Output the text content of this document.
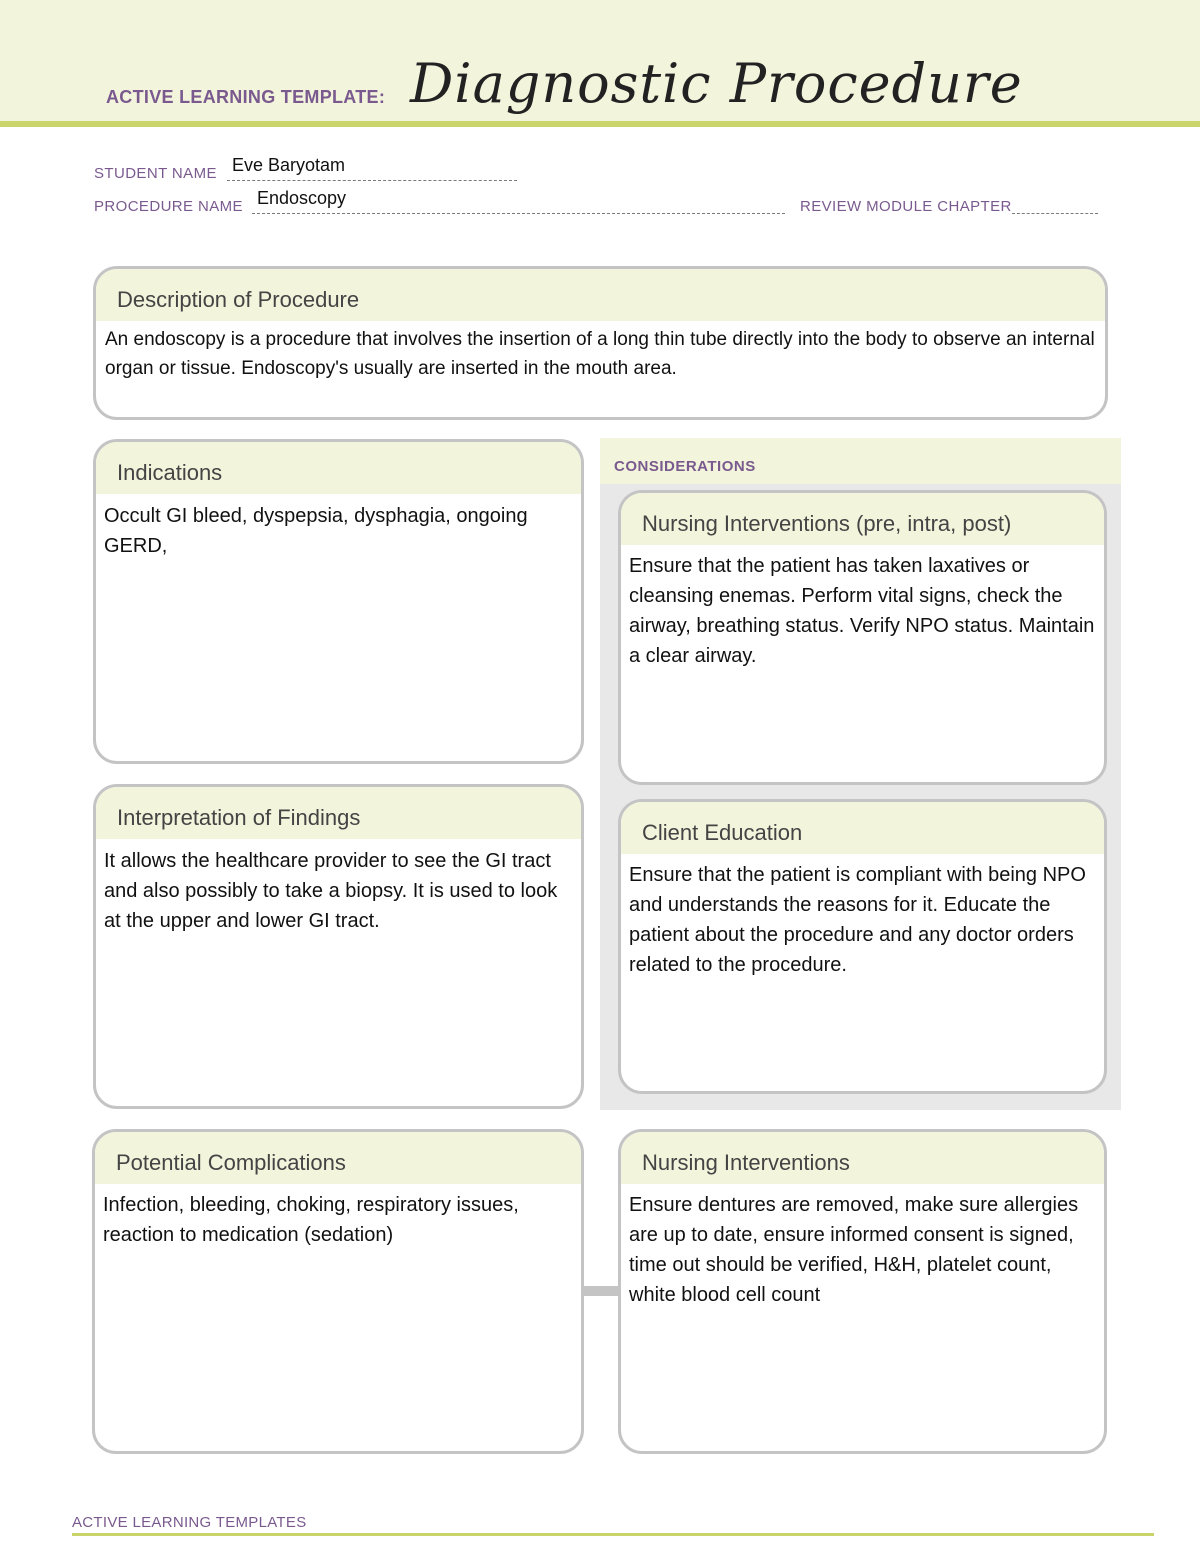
ACTIVE LEARNING TEMPLATE: Diagnostic Procedure
STUDENT NAME Eve Baryotam
PROCEDURE NAME Endoscopy	REVIEW MODULE CHAPTER
Description of Procedure
An endoscopy is a procedure that involves the insertion of a long thin tube directly into the body to observe an internal organ or tissue. Endoscopy's usually are inserted in the mouth area.
Indications
Occult GI bleed, dyspepsia, dysphagia, ongoing GERD,
CONSIDERATIONS
Nursing Interventions (pre, intra, post)
Ensure that the patient has taken laxatives or cleansing enemas. Perform vital signs, check the airway, breathing status. Verify NPO status. Maintain a clear airway.
Client Education
Ensure that the patient is compliant with being NPO and understands the reasons for it. Educate the patient about the procedure and any doctor orders related to the procedure.
Interpretation of Findings
It allows the healthcare provider to see the GI tract and also possibly to take a biopsy. It is used to look at the upper and lower GI tract.
Potential Complications
Infection, bleeding, choking, respiratory issues,
reaction to medication (sedation)
Nursing Interventions
Ensure dentures are removed, make sure allergies are up to date, ensure informed consent is signed, time out should be verified, H&H, platelet count, white blood cell count
ACTIVE LEARNING TEMPLATES
